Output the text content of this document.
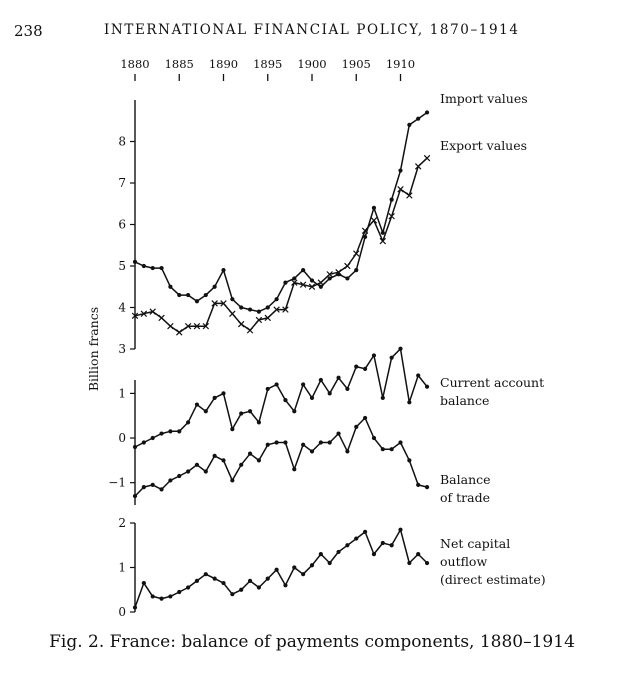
238	INTERNATIONAL FINANCIAL POLICY, 1870–1914
1880 1885 1890 1895 1900 1905 1910
3
4
5
6
7
8
−1
0
1
0
1
2
Billion francs
Import values
Export values
Current account
balance
Balance
of trade
Net capital
outflow
(direct estimate)
Fig. 2. France: balance of payments components, 1880–1914
